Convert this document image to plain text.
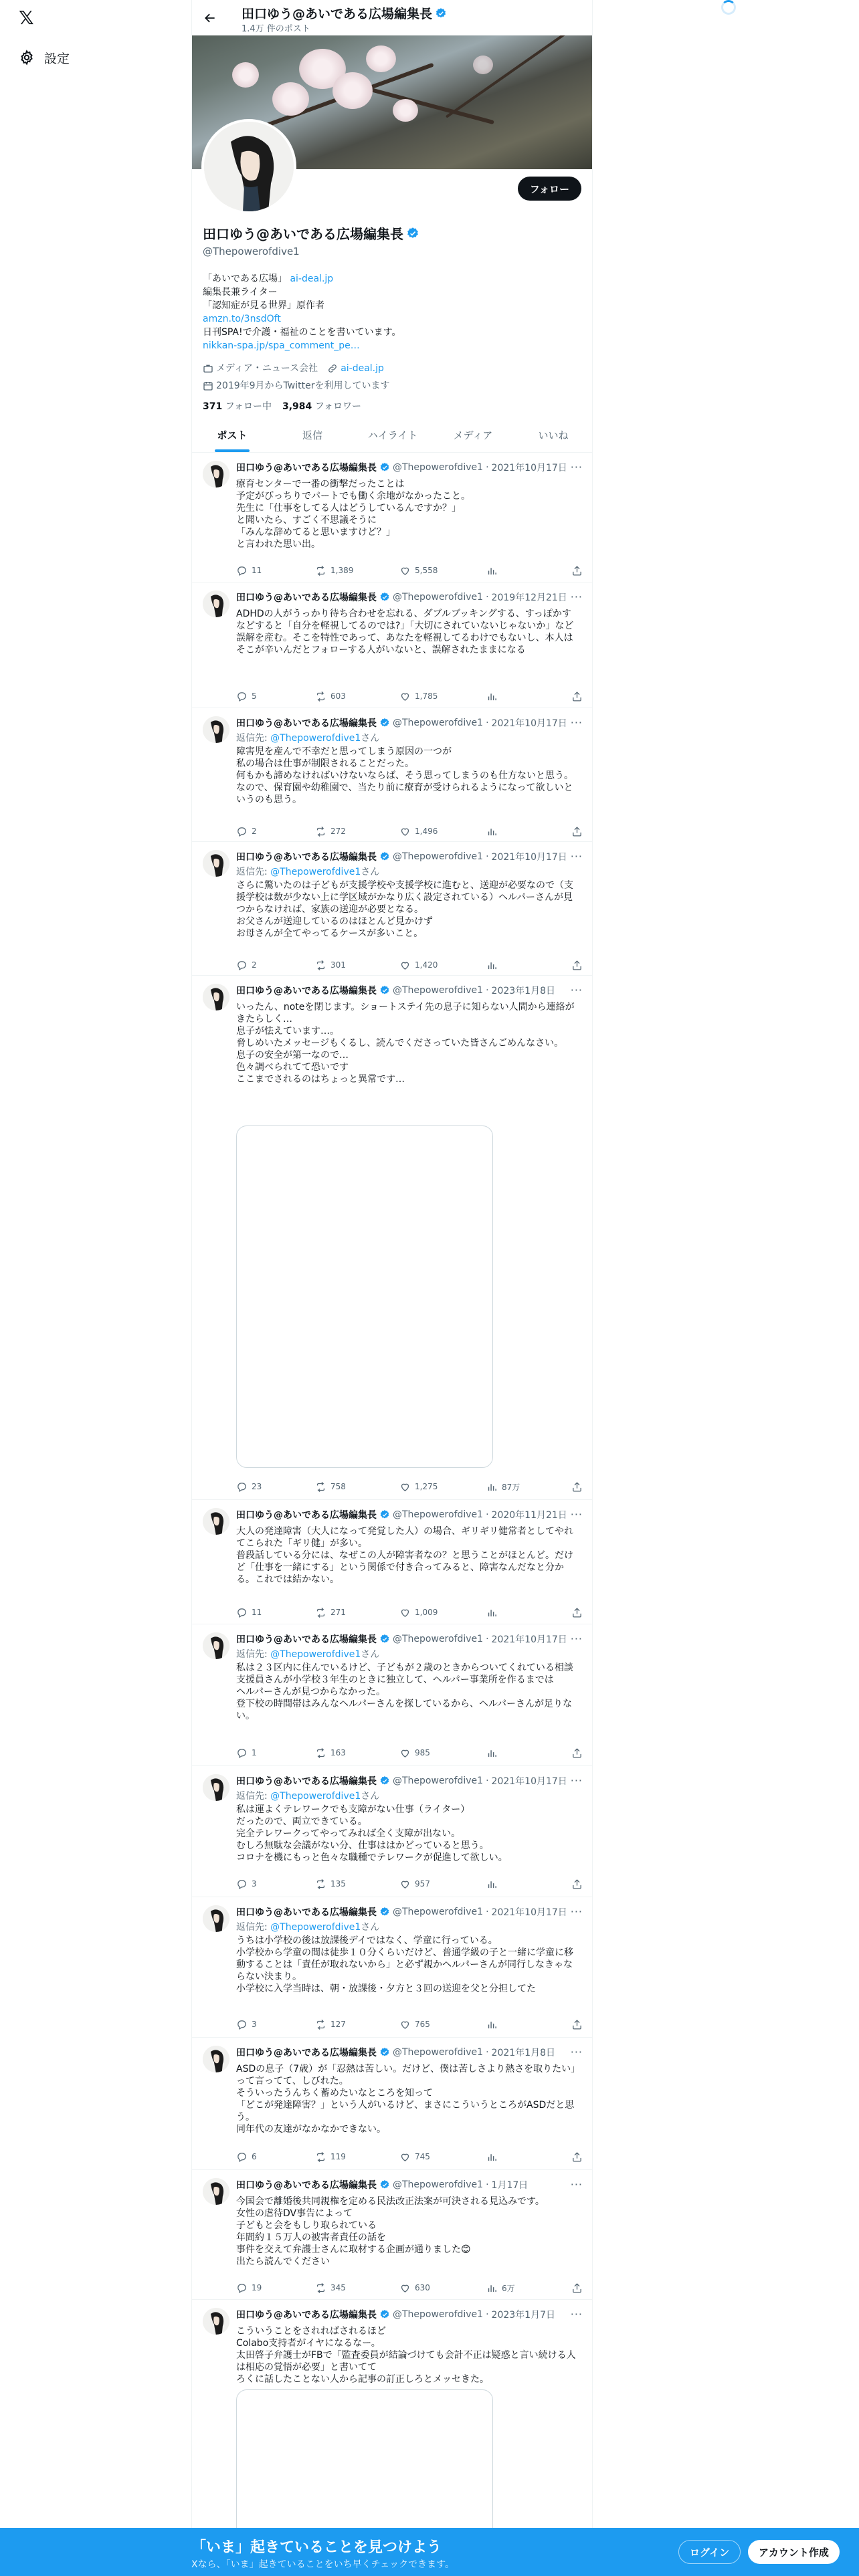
𝕏
設定
田口ゆう@あいである広場編集長
1.4万 件のポスト
フォロー
田口ゆう@あいである広場編集長
@Thepowerofdive1
「あいである広場」 ai-deal.jp
編集長兼ライター
「認知症が見る世界」原作者
amzn.to/3nsdOft
日刊SPA!で介護・福祉のことを書いています。
nikkan-spa.jp/spa_comment_pe…
メディア・ニュース会社 ai-deal.jp
2019年9月からTwitterを利用しています
371 フォロー中 3,984 フォロワー
ポスト	返信	ハイライト	メディア	いいね
田口ゆう@あいである広場編集長 @Thepowerofdive1 · 2021年10月17日 ···
療育センターで一番の衝撃だったことは
予定がびっちりでパートでも働く余地がなかったこと。
先生に「仕事をしてる人はどうしているんですか？」
と聞いたら、すごく不思議そうに
「みんな辞めてると思いますけど？」
と言われた思い出。
11	1,389	5,558
田口ゆう@あいである広場編集長 @Thepowerofdive1 · 2019年12月21日 ···
ADHDの人がうっかり待ち合わせを忘れる、ダブルブッキングする、すっぽかす　などすると「自分を軽視してるのでは?」「大切にされていないじゃないか」など誤解を産む。そこを特性であって、あなたを軽視してるわけでもないし、本人はそこが辛いんだとフォローする人がいないと、誤解されたままになる
5	603	1,785
田口ゆう@あいである広場編集長 @Thepowerofdive1 · 2021年10月17日 ···
返信先: @Thepowerofdive1さん
障害児を産んで不幸だと思ってしまう原因の一つが
私の場合は仕事が制限されることだった。
何もかも諦めなければいけないならば、そう思ってしまうのも仕方ないと思う。
なので、保育園や幼稚園で、当たり前に療育が受けられるようになって欲しいというのも思う。
2	272	1,496
田口ゆう@あいである広場編集長 @Thepowerofdive1 · 2021年10月17日 ···
返信先: @Thepowerofdive1さん
さらに驚いたのは子どもが支援学校や支援学校に進むと、送迎が必要なので（支援学校は数が少ない上に学区域がかなり広く設定されている）ヘルパーさんが見つからなければ、家族の送迎が必要となる。
お父さんが送迎しているのはほとんど見かけず
お母さんが全てやってるケースが多いこと。
2	301	1,420
田口ゆう@あいである広場編集長 @Thepowerofdive1 · 2023年1月8日 ···
いったん、noteを閉じます。ショートステイ先の息子に知らない人間から連絡がきたらしく…
息子が怯えています…。
脅しめいたメッセージもくるし、読んでくださっていた皆さんごめんなさい。
息子の安全が第一なので…
色々調べられてて恐いです
ここまでされるのはちょっと異常です…
23	758	1,275	87万
田口ゆう@あいである広場編集長 @Thepowerofdive1 · 2020年11月21日 ···
大人の発達障害（大人になって発覚した人）の場合、ギリギリ健常者としてやれてこられた「ギリ健」が多い。
普段話している分には、なぜこの人が障害者なの？と思うことがほとんど。だけど「仕事を一緒にする」という関係で付き合ってみると、障害なんだなと分かる。これでは結かない。
11	271	1,009
田口ゆう@あいである広場編集長 @Thepowerofdive1 · 2021年10月17日 ···
返信先: @Thepowerofdive1さん
私は２３区内に住んでいるけど、子どもが２歳のときからついてくれている相談支援員さんが小学校３年生のときに独立して、ヘルパー事業所を作るまでは
ヘルパーさんが見つからなかった。
登下校の時間帯はみんなヘルパーさんを探しているから、ヘルパーさんが足りない。
1	163	985
田口ゆう@あいである広場編集長 @Thepowerofdive1 · 2021年10月17日 ···
返信先: @Thepowerofdive1さん
私は運よくテレワークでも支障がない仕事（ライター）
だったので、両立できている。
完全テレワークってやってみれば全く支障が出ない。
むしろ無駄な会議がない分、仕事ははかどっていると思う。
コロナを機にもっと色々な職種でテレワークが促進して欲しい。
3	135	957
田口ゆう@あいである広場編集長 @Thepowerofdive1 · 2021年10月17日 ···
返信先: @Thepowerofdive1さん
うちは小学校の後は放課後デイではなく、学童に行っている。
小学校から学童の間は徒歩１０分くらいだけど、普通学級の子と一緒に学童に移動することは「責任が取れないから」と必ず親かヘルパーさんが同行しなきゃならない決まり。
小学校に入学当時は、朝・放課後・夕方と３回の送迎を父と分担してた
3	127	765
田口ゆう@あいである広場編集長 @Thepowerofdive1 · 2021年1月8日 ···
ASDの息子（7歳）が「忍熱は苦しい。だけど、僕は苦しさより熱さを取りたい」って言ってて、しびれた。
そういったうんちく蓄めたいなところを知って
「どこが発達障害？」という人がいるけど、まさにこういうところがASDだと思う。
同年代の友達がなかなかできない。
6	119	745
田口ゆう@あいである広場編集長 @Thepowerofdive1 · 1月17日	···
今国会で離婚後共同親権を定める民法改正法案が可決される見込みです。
女性の虐待DV事告によって
子どもと会をもしり取られている
年間約１５万人の被害者責任の話を
事件を交えて弁護士さんに取材する企画が通りました😊
出たら読んでください
19	345	630	6万
田口ゆう@あいである広場編集長 @Thepowerofdive1 · 2023年1月7日 ···
こういうことをされればされるほど
Colabo支持者がイヤになるなー。
太田啓子弁護士がFBで「監査委員が結論づけても会計不正は疑惑と言い続ける人は相応の覚悟が必要」と書いてて
ろくに話したことない人から記事の訂正しろとメッセきた。
「いま」起きていることを見つけよう
Xなら、「いま」起きていることをいち早くチェックできます。
ログイン	アカウント作成
